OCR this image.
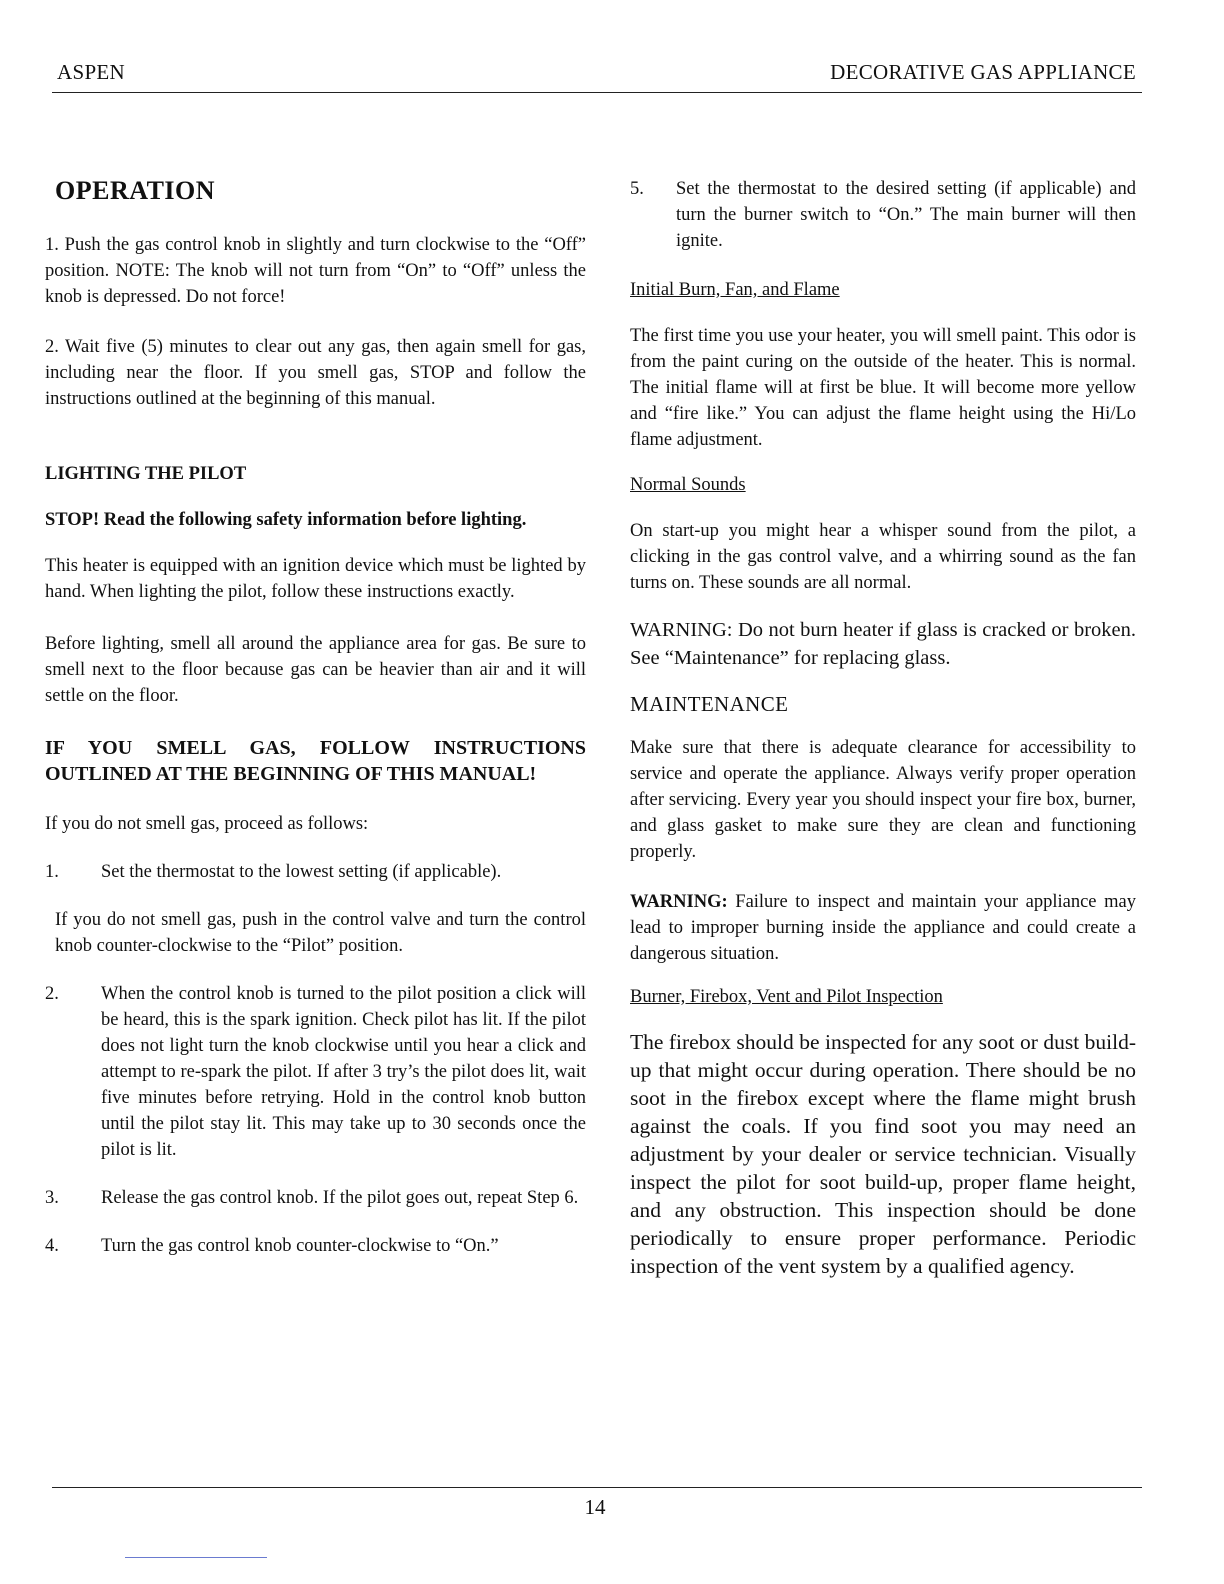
ASPEN	DECORATIVE GAS APPLIANCE
OPERATION

1. Push the gas control knob in slightly and turn clockwise to the “Off” position. NOTE: The knob will not turn from “On” to “Off” unless the knob is depressed. Do not force!

2. Wait five (5) minutes to clear out any gas, then again smell for gas, including near the floor. If you smell gas, STOP and follow the instructions outlined at the beginning of this manual.

LIGHTING THE PILOT

STOP! Read the following safety information before lighting.

This heater is equipped with an ignition device which must be lighted by hand. When lighting the pilot, follow these instructions exactly.

Before lighting, smell all around the appliance area for gas. Be sure to smell next to the floor because gas can be heavier than air and it will settle on the floor.

IF YOU SMELL GAS, FOLLOW INSTRUCTIONS OUTLINED AT THE BEGINNING OF THIS MANUAL!

If you do not smell gas, proceed as follows:

1.	Set the thermostat to the lowest setting (if applicable).

If you do not smell gas, push in the control valve and turn the control knob counter-clockwise to the “Pilot” position.

2.	When the control knob is turned to the pilot position a click will be heard, this is the spark ignition. Check pilot has lit. If the pilot does not light turn the knob clockwise until you hear a click and attempt to re-spark the pilot. If after 3 try’s the pilot does lit, wait five minutes before retrying. Hold in the control knob button until the pilot stay lit. This may take up to 30 seconds once the pilot is lit.
3.	Release the gas control knob. If the pilot goes out, repeat Step 6.
4.	Turn the gas control knob counter-clockwise to “On.”
5.	Set the thermostat to the desired setting (if applicable) and turn the burner switch to “On.” The main burner will then ignite.
Initial Burn, Fan, and Flame

The first time you use your heater, you will smell paint. This odor is from the paint curing on the outside of the heater. This is normal. The initial flame will at first be blue. It will become more yellow and “fire like.” You can adjust the flame height using the Hi/Lo flame adjustment.

Normal Sounds

On start-up you might hear a whisper sound from the pilot, a clicking in the gas control valve, and a whirring sound as the fan turns on. These sounds are all normal.

WARNING: Do not burn heater if glass is cracked or broken. See “Maintenance” for replacing glass.

MAINTENANCE

Make sure that there is adequate clearance for accessibility to service and operate the appliance. Always verify proper operation after servicing. Every year you should inspect your fire box, burner, and glass gasket to make sure they are clean and functioning properly.

WARNING: Failure to inspect and maintain your appliance may lead to improper burning inside the appliance and could create a dangerous situation.

Burner, Firebox, Vent and Pilot Inspection

The firebox should be inspected for any soot or dust build-up that might occur during operation. There should be no soot in the firebox except where the flame might brush against the coals. If you find soot you may need an adjustment by your dealer or service technician. Visually inspect the pilot for soot build-up, proper flame height, and any obstruction. This inspection should be done periodically to ensure proper performance. Periodic inspection of the vent system by a qualified agency.

14
